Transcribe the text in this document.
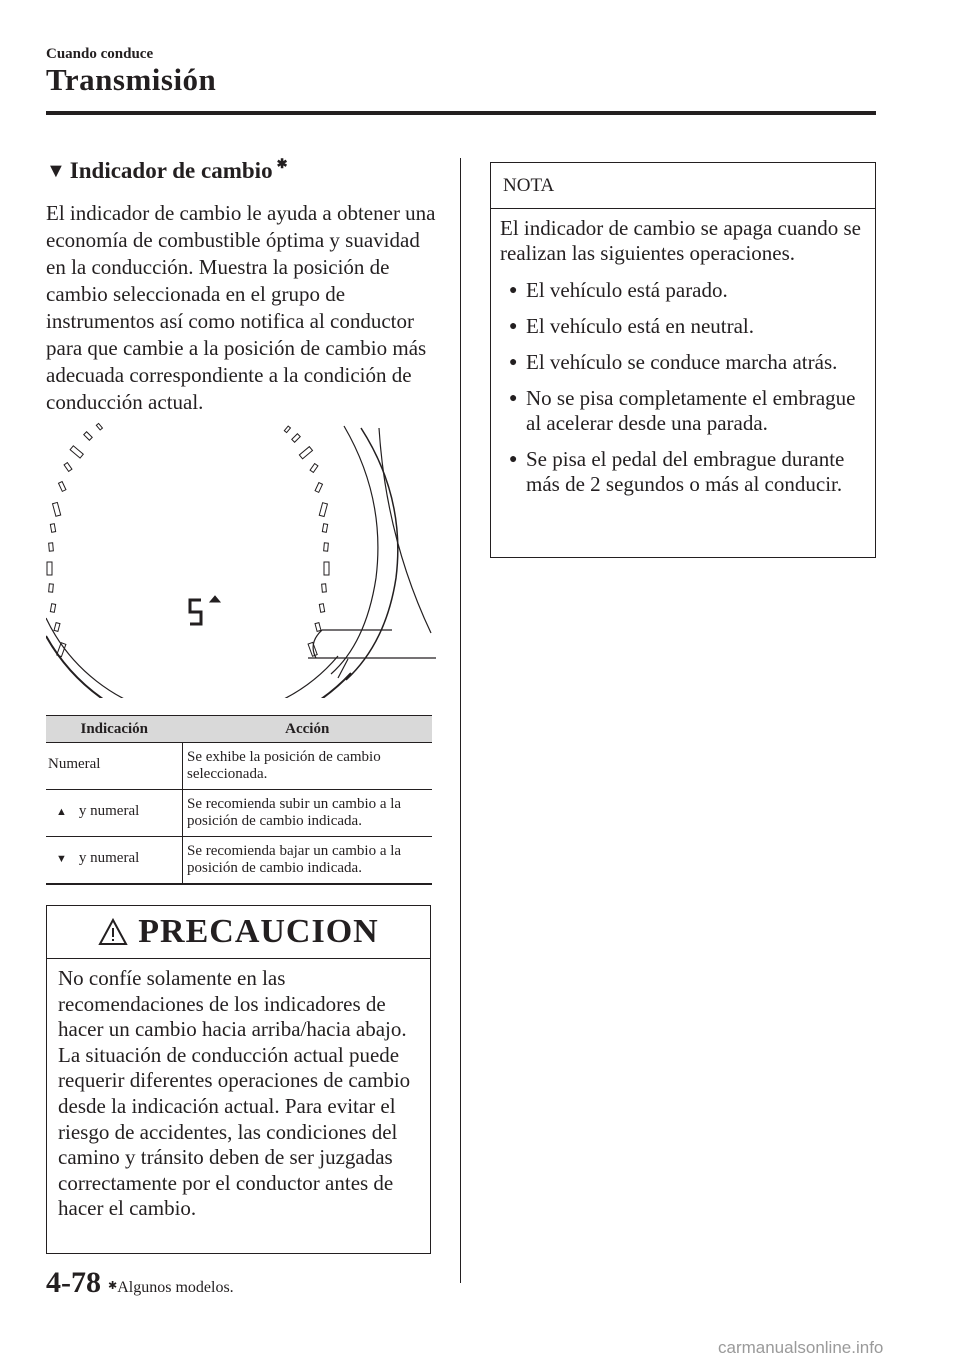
Cuando conduce
Transmisión
▼ Indicador de cambio ✱
El indicador de cambio le ayuda a obtener una economía de combustible óptima y suavidad en la conducción. Muestra la posición de cambio seleccionada en el grupo de instrumentos así como notifica al conductor para que cambie a la posición de cambio más adecuada correspondiente a la condición de conducción actual.
Indicación	Acción
Numeral	Se exhibe la posición de cambio seleccionada.
▲ y numeral	Se recomienda subir un cambio a la posición de cambio indicada.
▼ y numeral	Se recomienda bajar un cambio a la posición de cambio indicada.
PRECAUCION
No confíe solamente en las recomendaciones de los indicadores de hacer un cambio hacia arriba/hacia abajo. La situación de conducción actual puede requerir diferentes operaciones de cambio desde la indicación actual. Para evitar el riesgo de accidentes, las condiciones del camino y tránsito deben de ser juzgadas correctamente por el conductor antes de hacer el cambio.
NOTA
El indicador de cambio se apaga cuando se realizan las siguientes operaciones.
● El vehículo está parado.
● El vehículo está en neutral.
● El vehículo se conduce marcha atrás.
● No se pisa completamente el embrague al acelerar desde una parada.
● Se pisa el pedal del embrague durante más de 2 segundos o más al conducir.
4-78 ✱Algunos modelos.
carmanualsonline.info
